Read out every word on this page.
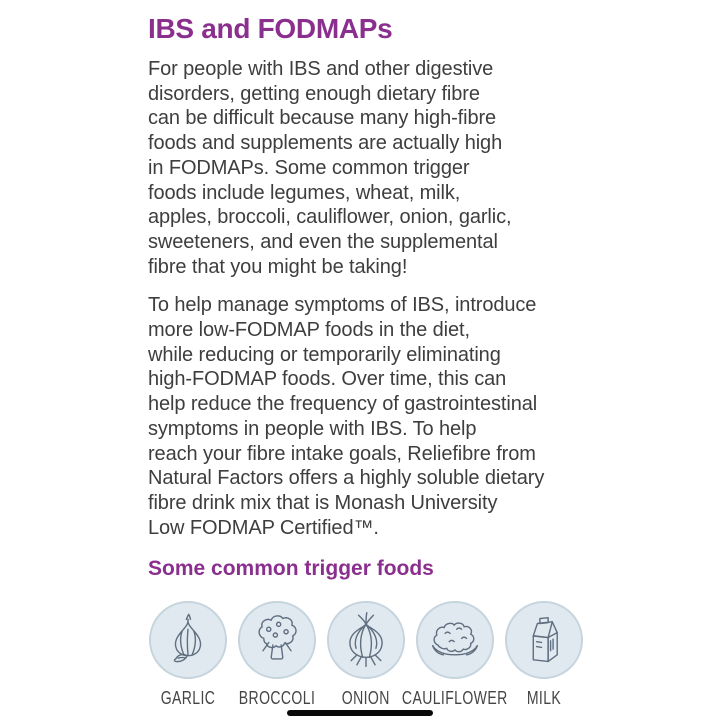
IBS and FODMAPs

For people with IBS and other digestive
disorders, getting enough dietary fibre
can be difficult because many high-fibre
foods and supplements are actually high
in FODMAPs. Some common trigger
foods include legumes, wheat, milk,
apples, broccoli, cauliflower, onion, garlic,
sweeteners, and even the supplemental
fibre that you might be taking!

To help manage symptoms of IBS, introduce
more low-FODMAP foods in the diet,
while reducing or temporarily eliminating
high-FODMAP foods. Over time, this can
help reduce the frequency of gastrointestinal
symptoms in people with IBS. To help
reach your fibre intake goals, Reliefibre from
Natural Factors offers a highly soluble dietary
fibre drink mix that is Monash University
Low FODMAP Certified™.

Some common trigger foods
GARLIC BROCCOLI ONION CAULIFLOWER MILK
